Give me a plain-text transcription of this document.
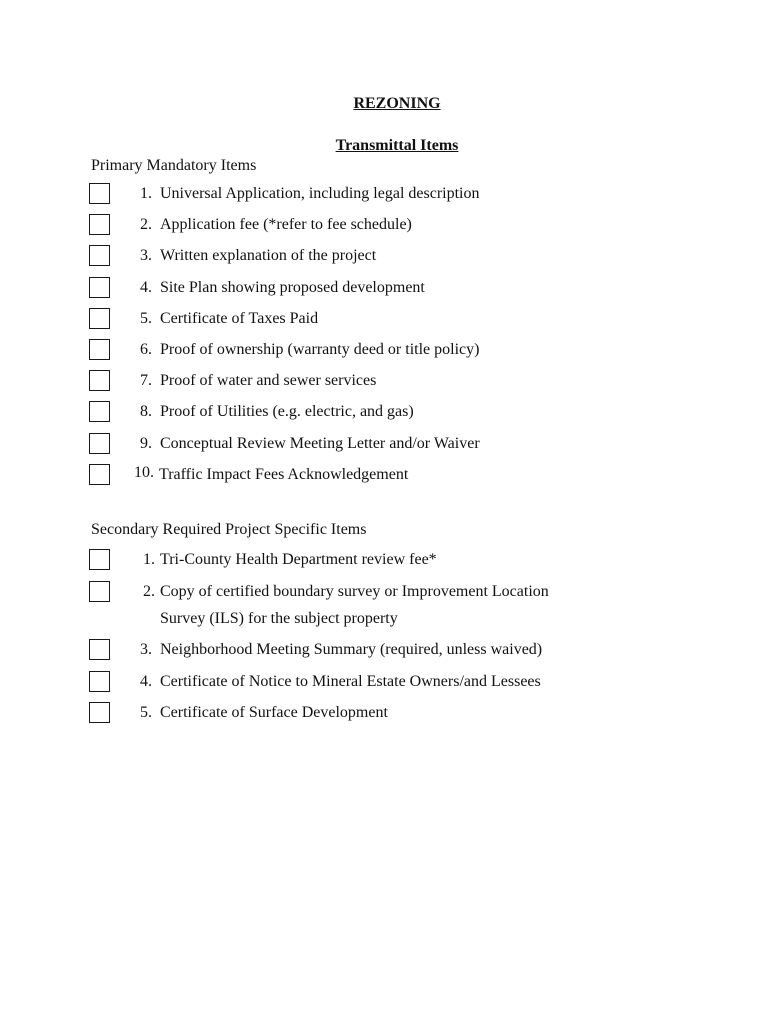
REZONING
Transmittal Items
Primary Mandatory Items
1. Universal Application, including legal description
2. Application fee (*refer to fee schedule)
3. Written explanation of the project
4. Site Plan showing proposed development
5. Certificate of Taxes Paid
6. Proof of ownership (warranty deed or title policy)
7. Proof of water and sewer services
8. Proof of Utilities (e.g. electric, and gas)
9. Conceptual Review Meeting Letter and/or Waiver
10. Traffic Impact Fees Acknowledgement
Secondary Required Project Specific Items
1. Tri-County Health Department review fee*
2. Copy of certified boundary survey or Improvement Location
Survey (ILS) for the subject property
3. Neighborhood Meeting Summary (required, unless waived)
4. Certificate of Notice to Mineral Estate Owners/and Lessees
5. Certificate of Surface Development
